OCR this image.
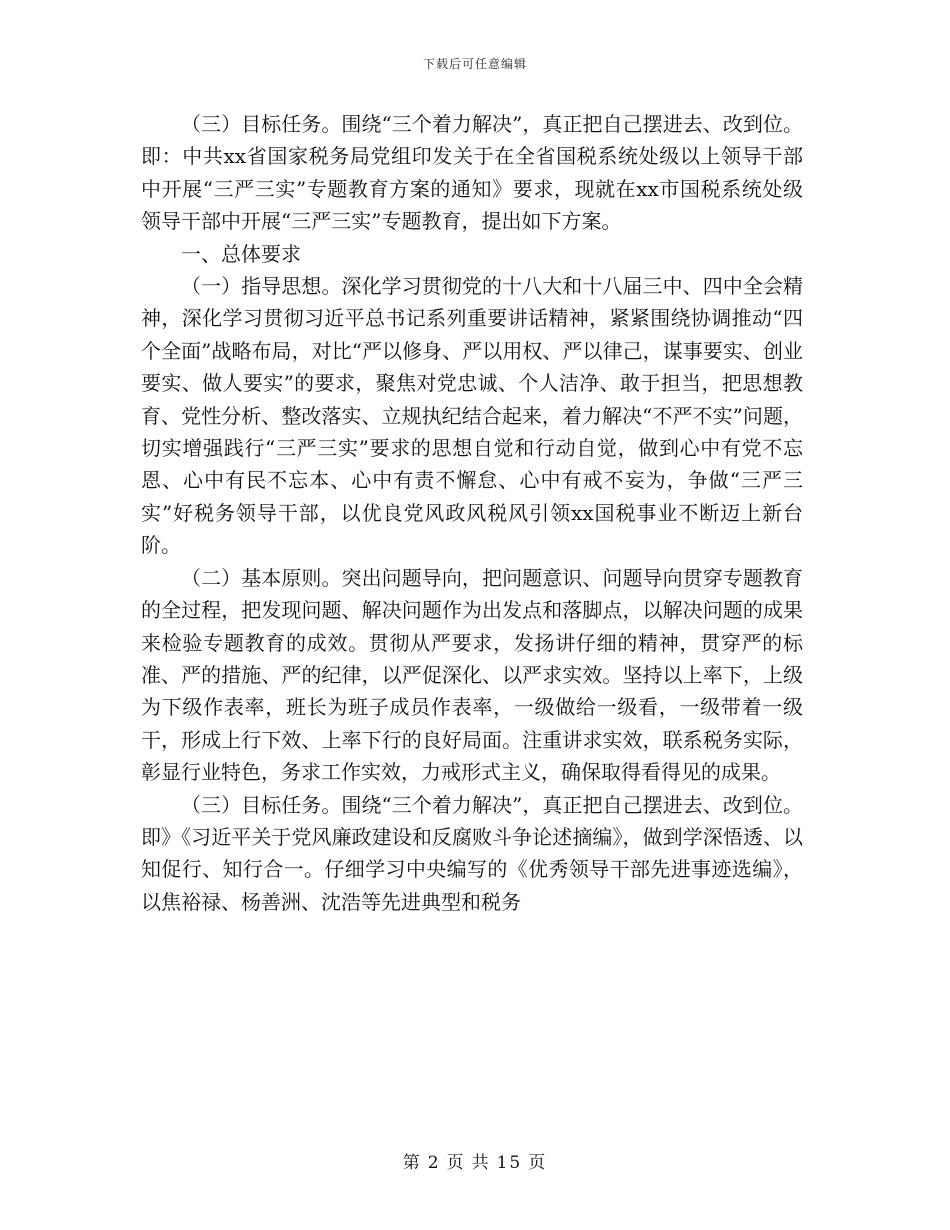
下载后可任意编辑

（三）目标任务。围绕“三个着力解决”，真正把自己摆进去、改到位。即：中共xx省国家税务局党组印发关于在全省国税系统处级以上领导干部中开展“三严三实”专题教育方案的通知》要求，现就在xx市国税系统处级领导干部中开展“三严三实”专题教育，提出如下方案。

一、总体要求

（一）指导思想。深化学习贯彻党的十八大和十八届三中、四中全会精神，深化学习贯彻习近平总书记系列重要讲话精神，紧紧围绕协调推动“四个全面”战略布局，对比“严以修身、严以用权、严以律己，谋事要实、创业要实、做人要实”的要求，聚焦对党忠诚、个人洁净、敢于担当，把思想教育、党性分析、整改落实、立规执纪结合起来，着力解决“不严不实”问题，切实增强践行“三严三实”要求的思想自觉和行动自觉，做到心中有党不忘恩、心中有民不忘本、心中有责不懈怠、心中有戒不妄为，争做“三严三实”好税务领导干部，以优良党风政风税风引领xx国税事业不断迈上新台阶。

（二）基本原则。突出问题导向，把问题意识、问题导向贯穿专题教育的全过程，把发现问题、解决问题作为出发点和落脚点，以解决问题的成果来检验专题教育的成效。贯彻从严要求，发扬讲仔细的精神，贯穿严的标准、严的措施、严的纪律，以严促深化、以严求实效。坚持以上率下，上级为下级作表率，班长为班子成员作表率，一级做给一级看，一级带着一级干，形成上行下效、上率下行的良好局面。注重讲求实效，联系税务实际，彰显行业特色，务求工作实效，力戒形式主义，确保取得看得见的成果。

（三）目标任务。围绕“三个着力解决”，真正把自己摆进去、改到位。即》《习近平关于党风廉政建设和反腐败斗争论述摘编》，做到学深悟透、以知促行、知行合一。仔细学习中央编写的《优秀领导干部先进事迹选编》，以焦裕禄、杨善洲、沈浩等先进典型和税务

第 2 页 共 15 页
